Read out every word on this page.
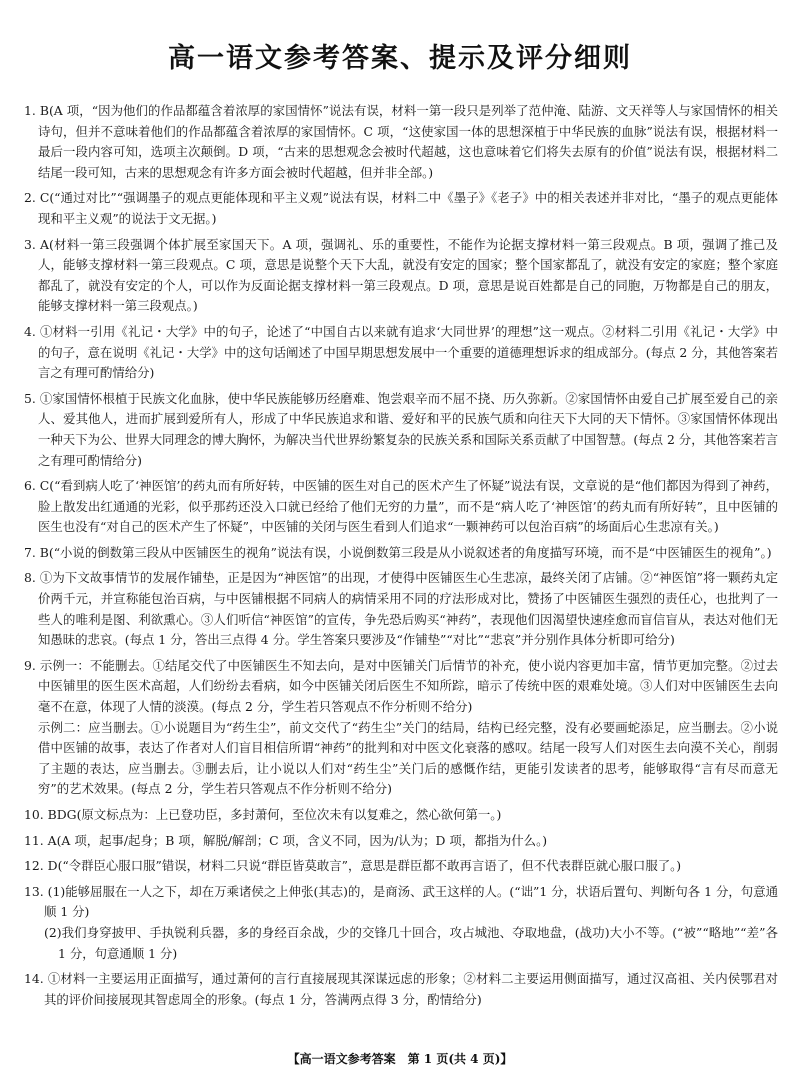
高一语文参考答案、提示及评分细则

1. B(A 项，“因为他们的作品都蕴含着浓厚的家国情怀”说法有误，材料一第一段只是列举了范仲淹、陆游、文天祥等人与家国情怀的相关诗句，但并不意味着他们的作品都蕴含着浓厚的家国情怀。C 项，“这使家国一体的思想深植于中华民族的血脉”说法有误，根据材料一最后一段内容可知，选项主次颠倒。D 项，“古来的思想观念会被时代超越，这也意味着它们将失去原有的价值”说法有误，根据材料二结尾一段可知，古来的思想观念有许多方面会被时代超越，但并非全部。)

2. C(“通过对比”“强调墨子的观点更能体现和平主义观”说法有误，材料二中《墨子》《老子》中的相关表述并非对比，“墨子的观点更能体现和平主义观”的说法于文无据。)

3. A(材料一第三段强调个体扩展至家国天下。A 项，强调礼、乐的重要性，不能作为论据支撑材料一第三段观点。B 项，强调了推己及人，能够支撑材料一第三段观点。C 项，意思是说整个天下大乱，就没有安定的国家；整个国家都乱了，就没有安定的家庭；整个家庭都乱了，就没有安定的个人，可以作为反面论据支撑材料一第三段观点。D 项，意思是说百姓都是自己的同胞，万物都是自己的朋友，能够支撑材料一第三段观点。)

4. ①材料一引用《礼记・大学》中的句子，论述了“中国自古以来就有追求‘大同世界’的理想”这一观点。②材料二引用《礼记・大学》中的句子，意在说明《礼记・大学》中的这句话阐述了中国早期思想发展中一个重要的道德理想诉求的组成部分。(每点 2 分，其他答案若言之有理可酌情给分)

5. ①家国情怀根植于民族文化血脉，使中华民族能够历经磨难、饱尝艰辛而不屈不挠、历久弥新。②家国情怀由爱自己扩展至爱自己的亲人、爱其他人，进而扩展到爱所有人，形成了中华民族追求和谐、爱好和平的民族气质和向往天下大同的天下情怀。③家国情怀体现出一种天下为公、世界大同理念的博大胸怀，为解决当代世界纷繁复杂的民族关系和国际关系贡献了中国智慧。(每点 2 分，其他答案若言之有理可酌情给分)

6. C(“看到病人吃了‘神医馆’的药丸而有所好转，中医铺的医生对自己的医术产生了怀疑”说法有误，文章说的是“他们都因为得到了神药，脸上散发出红通通的光彩，似乎那药还没入口就已经给了他们无穷的力量”，而不是“病人吃了‘神医馆’的药丸而有所好转”，且中医铺的医生也没有“对自己的医术产生了怀疑”，中医铺的关闭与医生看到人们追求“一颗神药可以包治百病”的场面后心生悲凉有关。)

7. B(“小说的倒数第三段从中医铺医生的视角”说法有误，小说倒数第三段是从小说叙述者的角度描写环境，而不是“中医铺医生的视角”。)

8. ①为下文故事情节的发展作铺垫，正是因为“神医馆”的出现，才使得中医铺医生心生悲凉，最终关闭了店铺。②“神医馆”将一颗药丸定价两千元，并宣称能包治百病，与中医铺根据不同病人的病情采用不同的疗法形成对比，赞扬了中医铺医生强烈的责任心，也批判了一些人的唯利是图、利欲熏心。③人们听信“神医馆”的宣传，争先恐后购买“神药”，表现他们因渴望快速痊愈而盲信盲从，表达对他们无知愚昧的悲哀。(每点 1 分，答出三点得 4 分。学生答案只要涉及“作铺垫”“对比”“悲哀”并分别作具体分析即可给分)

9. 示例一：不能删去。①结尾交代了中医铺医生不知去向，是对中医铺关门后情节的补充，使小说内容更加丰富，情节更加完整。②过去中医铺里的医生医术高超，人们纷纷去看病，如今中医铺关闭后医生不知所踪，暗示了传统中医的艰难处境。③人们对中医铺医生去向毫不在意，体现了人情的淡漠。(每点 2 分，学生若只答观点不作分析则不给分)

示例二：应当删去。①小说题目为“药生尘”，前文交代了“药生尘”关门的结局，结构已经完整，没有必要画蛇添足，应当删去。②小说借中医铺的故事，表达了作者对人们盲目相信所谓“神药”的批判和对中医文化衰落的感叹。结尾一段写人们对医生去向漠不关心，削弱了主题的表达，应当删去。③删去后，让小说以人们对“药生尘”关门后的感慨作结，更能引发读者的思考，能够取得“言有尽而意无穷”的艺术效果。(每点 2 分，学生若只答观点不作分析则不给分)

10. BDG(原文标点为：上已登功臣，多封萧何，至位次未有以复难之，然心欲何第一。)

11. A(A 项，起事/起身；B 项，解脱/解剖；C 项，含义不同，因为/认为；D 项，都指为什么。)

12. D(“令群臣心服口服”错误，材料二只说“群臣皆莫敢言”，意思是群臣都不敢再言语了，但不代表群臣就心服口服了。)

13. (1)能够屈服在一人之下，却在万乘诸侯之上伸张(其志)的，是商汤、武王这样的人。(“诎”1 分，状语后置句、判断句各 1 分，句意通顺 1 分)

(2)我们身穿披甲、手执锐利兵器，多的身经百余战，少的交锋几十回合，攻占城池、夺取地盘，(战功)大小不等。(“被”“略地”“差”各 1 分，句意通顺 1 分)

14. ①材料一主要运用正面描写，通过萧何的言行直接展现其深谋远虑的形象；②材料二主要运用侧面描写，通过汉高祖、关内侯鄂君对其的评价间接展现其智虑周全的形象。(每点 1 分，答满两点得 3 分，酌情给分)

【高一语文参考答案　第 1 页(共 4 页)】
